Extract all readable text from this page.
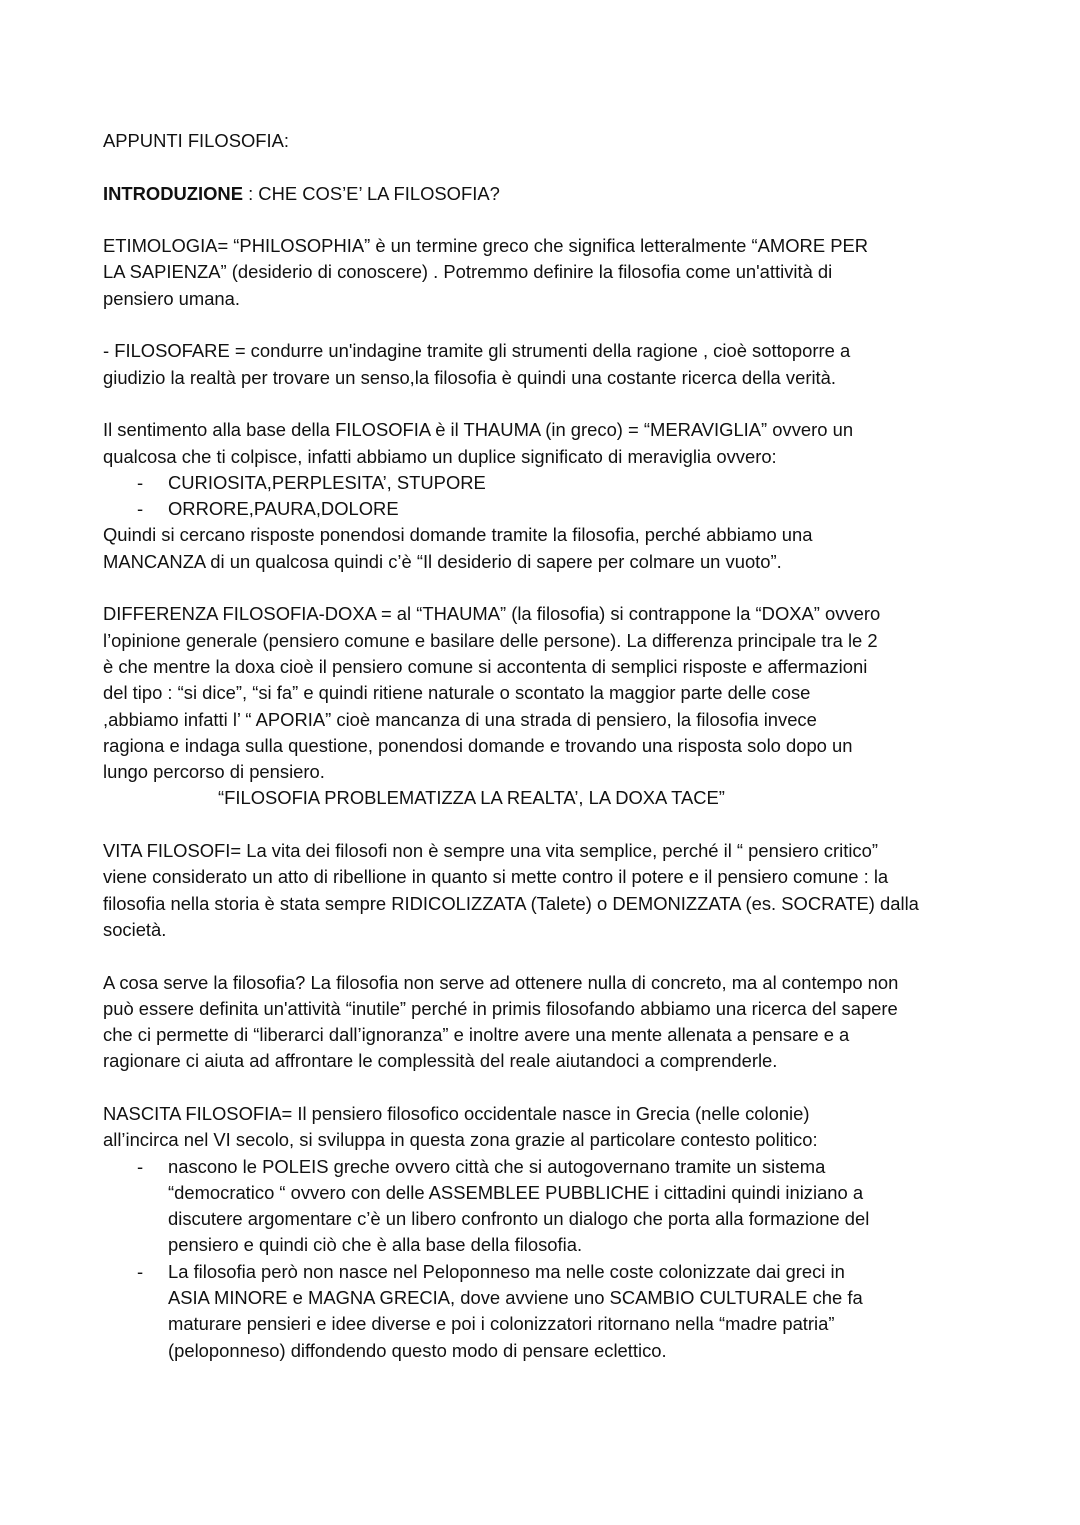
APPUNTI FILOSOFIA:
INTRODUZIONE : CHE COS’E’ LA FILOSOFIA?
ETIMOLOGIA= “PHILOSOPHIA” è un termine greco che significa letteralmente “AMORE PER
LA SAPIENZA” (desiderio di conoscere) . Potremmo definire la filosofia come un'attività di
pensiero umana.
- FILOSOFARE = condurre un'indagine tramite gli strumenti della ragione , cioè sottoporre a
giudizio la realtà per trovare un senso,la filosofia è quindi una costante ricerca della verità.
Il sentimento alla base della FILOSOFIA è il THAUMA (in greco) = “MERAVIGLIA” ovvero un
qualcosa che ti colpisce, infatti abbiamo un duplice significato di meraviglia ovvero:
- CURIOSITA,PERPLESITA’, STUPORE
- ORRORE,PAURA,DOLORE
Quindi si cercano risposte ponendosi domande tramite la filosofia, perché abbiamo una
MANCANZA di un qualcosa quindi c’è “Il desiderio di sapere per colmare un vuoto”.
DIFFERENZA FILOSOFIA-DOXA = al “THAUMA” (la filosofia) si contrappone la “DOXA” ovvero
l’opinione generale (pensiero comune e basilare delle persone). La differenza principale tra le 2
è che mentre la doxa cioè il pensiero comune si accontenta di semplici risposte e affermazioni
del tipo : “si dice”, “si fa” e quindi ritiene naturale o scontato la maggior parte delle cose
,abbiamo infatti l’ “ APORIA” cioè mancanza di una strada di pensiero, la filosofia invece
ragiona e indaga sulla questione, ponendosi domande e trovando una risposta solo dopo un
lungo percorso di pensiero.
“FILOSOFIA PROBLEMATIZZA LA REALTA’, LA DOXA TACE”
VITA FILOSOFI= La vita dei filosofi non è sempre una vita semplice, perché il “ pensiero critico”
viene considerato un atto di ribellione in quanto si mette contro il potere e il pensiero comune : la
filosofia nella storia è stata sempre RIDICOLIZZATA (Talete) o DEMONIZZATA (es. SOCRATE) dalla
società.
A cosa serve la filosofia? La filosofia non serve ad ottenere nulla di concreto, ma al contempo non
può essere definita un'attività “inutile” perché in primis filosofando abbiamo una ricerca del sapere
che ci permette di “liberarci dall’ignoranza” e inoltre avere una mente allenata a pensare e a
ragionare ci aiuta ad affrontare le complessità del reale aiutandoci a comprenderle.
NASCITA FILOSOFIA= Il pensiero filosofico occidentale nasce in Grecia (nelle colonie)
all’incirca nel VI secolo, si sviluppa in questa zona grazie al particolare contesto politico:
- nascono le POLEIS greche ovvero città che si autogovernano tramite un sistema
“democratico “ ovvero con delle ASSEMBLEE PUBBLICHE i cittadini quindi iniziano a
discutere argomentare c’è un libero confronto un dialogo che porta alla formazione del
pensiero e quindi ciò che è alla base della filosofia.
- La filosofia però non nasce nel Peloponneso ma nelle coste colonizzate dai greci in
ASIA MINORE e MAGNA GRECIA, dove avviene uno SCAMBIO CULTURALE che fa
maturare pensieri e idee diverse e poi i colonizzatori ritornano nella “madre patria”
(peloponneso) diffondendo questo modo di pensare eclettico.
